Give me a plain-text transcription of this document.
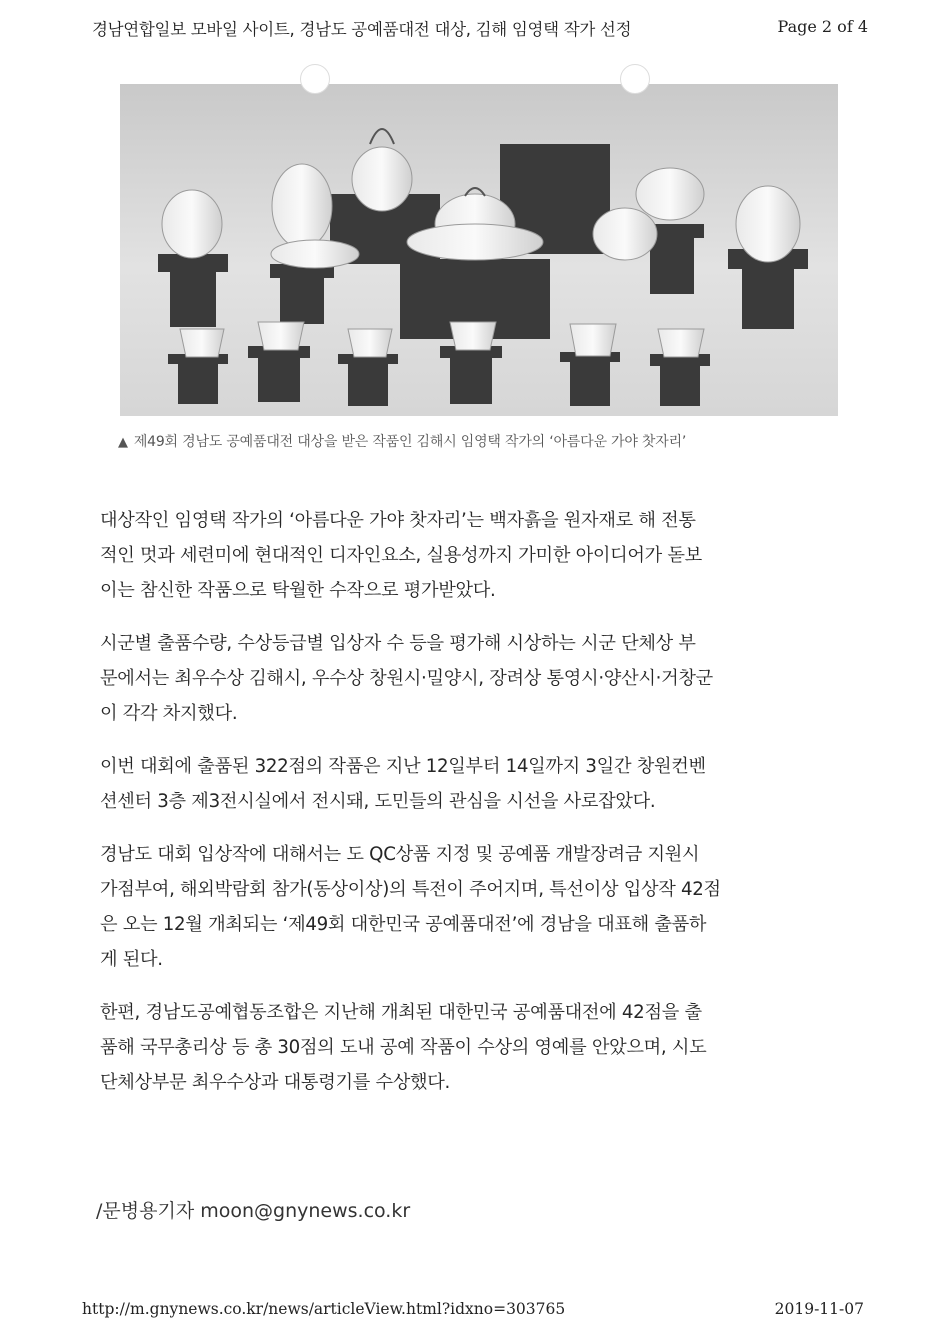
경남연합일보 모바일 사이트, 경남도 공예품대전 대상, 김해 임영택 작가 선정	Page 2 of 4
▲ 제49회 경남도 공예품대전 대상을 받은 작품인 김해시 임영택 작가의 ‘아름다운 가야 찻자리’

대상작인 임영택 작가의 ‘아름다운 가야 찻자리’는 백자흙을 원자재로 해 전통
적인 멋과 세련미에 현대적인 디자인요소, 실용성까지 가미한 아이디어가 돋보
이는 참신한 작품으로 탁월한 수작으로 평가받았다.

시군별 출품수량, 수상등급별 입상자 수 등을 평가해 시상하는 시군 단체상 부
문에서는 최우수상 김해시, 우수상 창원시·밀양시, 장려상 통영시·양산시·거창군
이 각각 차지했다.

이번 대회에 출품된 322점의 작품은 지난 12일부터 14일까지 3일간 창원컨벤
션센터 3층 제3전시실에서 전시돼, 도민들의 관심을 시선을 사로잡았다.

경남도 대회 입상작에 대해서는 도 QC상품 지정 및 공예품 개발장려금 지원시
가점부여, 해외박람회 참가(동상이상)의 특전이 주어지며, 특선이상 입상작 42점
은 오는 12월 개최되는 ‘제49회 대한민국 공예품대전’에 경남을 대표해 출품하
게 된다.

한편, 경남도공예협동조합은 지난해 개최된 대한민국 공예품대전에 42점을 출
품해 국무총리상 등 총 30점의 도내 공예 작품이 수상의 영예를 안았으며, 시도
단체상부문 최우수상과 대통령기를 수상했다.

/문병용기자 moon@gnynews.co.kr
http://m.gnynews.co.kr/news/articleView.html?idxno=303765	2019-11-07
